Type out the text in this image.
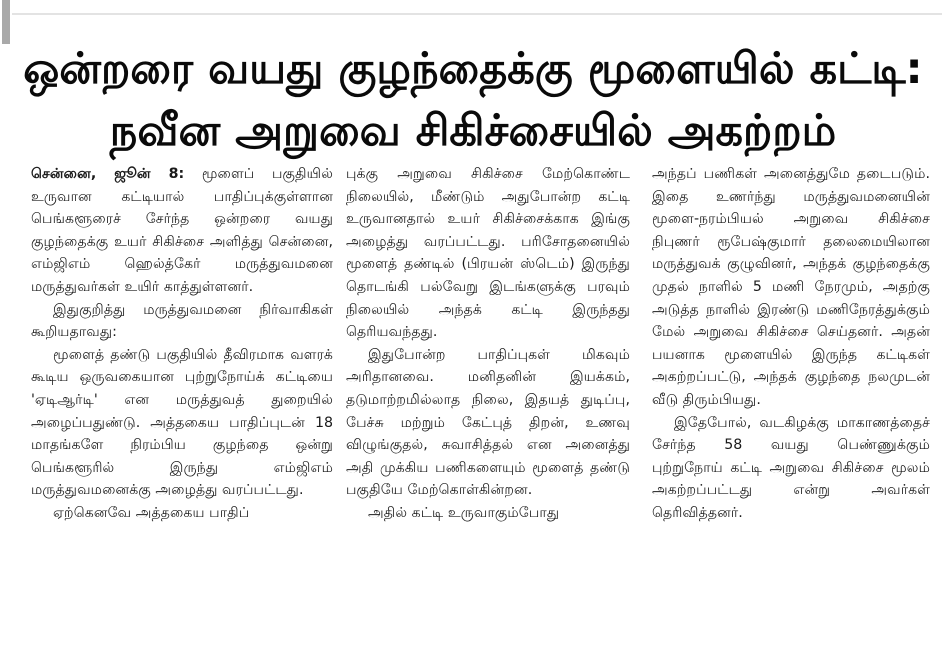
ஒன்றரை வயது குழந்தைக்கு மூளையில் கட்டி:
நவீன அறுவை சிகிச்சையில் அகற்றம்

சென்னை, ஜூன் 8: மூளைப் பகுதியில் உருவான கட்டியால் பாதிப்புக்குள்ளான பெங்களூரைச் சேர்ந்த ஒன்றரை வயது குழந்தைக்கு உயர் சிகிச்சை அளித்து சென்னை, எம்ஜிஎம் ஹெல்த்கேர் மருத்துவமனை மருத்துவர்கள் உயிர் காத்துள்ளனர்.

இதுகுறித்து மருத்துவமனை நிர்வாகிகள் கூறியதாவது:

மூளைத் தண்டு பகுதியில் தீவிரமாக வளரக் கூடிய ஒருவகையான புற்றுநோய்க் கட்டியை 'ஏடிஆர்டி' என மருத்துவத் துறையில் அழைப்பதுண்டு. அத்தகைய பாதிப்புடன் 18 மாதங்களே நிரம்பிய குழந்தை ஒன்று பெங்களூரில் இருந்து எம்ஜிஎம் மருத்துவமனைக்கு அழைத்து வரப்பட்டது.

ஏற்கெனவே அத்தகைய பாதிப்

புக்கு அறுவை சிகிச்சை மேற்கொண்ட நிலையில், மீண்டும் அதுபோன்ற கட்டி உருவானதால் உயர் சிகிச்சைக்காக இங்கு அழைத்து வரப்பட்டது. பரிசோதனையில் மூளைத் தண்டில் (பிரயன் ஸ்டெம்) இருந்து தொடங்கி பல்வேறு இடங்களுக்கு பரவும் நிலையில் அந்தக் கட்டி இருந்தது தெரியவந்தது.

இதுபோன்ற பாதிப்புகள் மிகவும் அரிதானவை. மனிதனின் இயக்கம், தடுமாற்றமில்லாத நிலை, இதயத் துடிப்பு, பேச்சு மற்றும் கேட்புத் திறன், உணவு விழுங்குதல், சுவாசித்தல் என அனைத்து அதி முக்கிய பணிகளையும் மூளைத் தண்டு பகுதியே மேற்கொள்கின்றன.

அதில் கட்டி உருவாகும்போது

அந்தப் பணிகள் அனைத்துமே தடைபடும். இதை உணர்ந்து மருத்துவமனையின் மூளை-நரம்பியல் அறுவை சிகிச்சை நிபுணர் ரூபேஷ்குமார் தலைமையிலான மருத்துவக் குழுவினர், அந்தக் குழந்தைக்கு முதல் நாளில் 5 மணி நேரமும், அதற்கு அடுத்த நாளில் இரண்டு மணிநேரத்துக்கும் மேல் அறுவை சிகிச்சை செய்தனர். அதன் பயனாக மூளையில் இருந்த கட்டிகள் அகற்றப்பட்டு, அந்தக் குழந்தை நலமுடன் வீடு திரும்பியது.

இதேபோல், வடகிழக்கு மாகாணத்தைச் சேர்ந்த 58 வயது பெண்ணுக்கும் புற்றுநோய் கட்டி அறுவை சிகிச்சை மூலம் அகற்றப்பட்டது என்று அவர்கள் தெரிவித்தனர்.
